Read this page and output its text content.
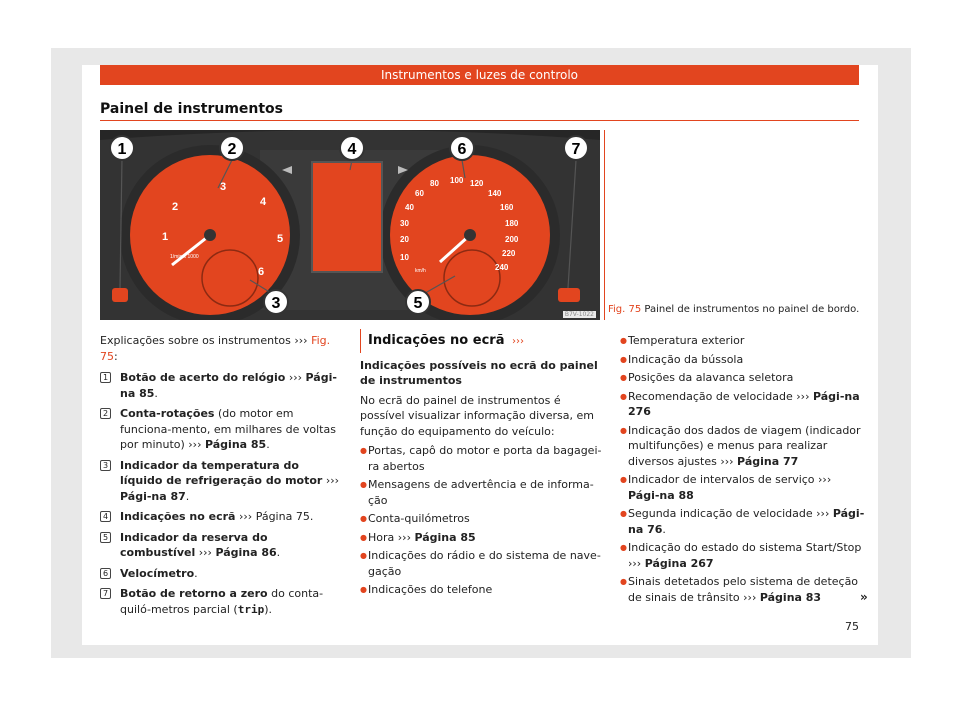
Instrumentos e luzes de controlo
Painel de instrumentos
1
2
3
4
5
6
1/min x 1000	10
20
30
40
60
80 100 120
140
160
180
200
220
240
km/h
1	2
3
4
5
6	7
B7V-1022 Fig. 75 Painel de instrumentos no painel de bordo.
Explicações sobre os instrumentos ››› Fig. 75:
1 Botão de acerto do relógio ››› Pági-na 85.
2 Conta-rotações (do motor em funciona-mento, em milhares de voltas por minuto) ››› Página 85.
3 Indicador da temperatura do líquido de refrigeração do motor ››› Pági-na 87.
4 Indicações no ecrã ››› Página 75.
5 Indicador da reserva do combustível ››› Página 86.
6 Velocímetro.
7 Botão de retorno a zero do conta-quiló-metros parcial (trip).
Indicações no ecrã ›››
Indicações possíveis no ecrã do painel de instrumentos
No ecrã do painel de instrumentos é possível visualizar informação diversa, em função do equipamento do veículo:
● Portas, capô do motor e porta da bagagei-ra abertos
● Mensagens de advertência e de informa-ção
● Conta-quilómetros
● Hora ››› Página 85
● Indicações do rádio e do sistema de nave-gação
● Indicações do telefone
● Temperatura exterior
● Indicação da bússola
● Posições da alavanca seletora
● Recomendação de velocidade ››› Pági-na 276
● Indicação dos dados de viagem (indicador multifunções) e menus para realizar diversos ajustes ››› Página 77
● Indicador de intervalos de serviço ››› Pági-na 88
● Segunda indicação de velocidade ››› Pági-na 76.
● Indicação do estado do sistema Start/Stop ››› Página 267
● Sinais detetados pelo sistema de deteção de sinais de trânsito ››› Página 83	»
75
